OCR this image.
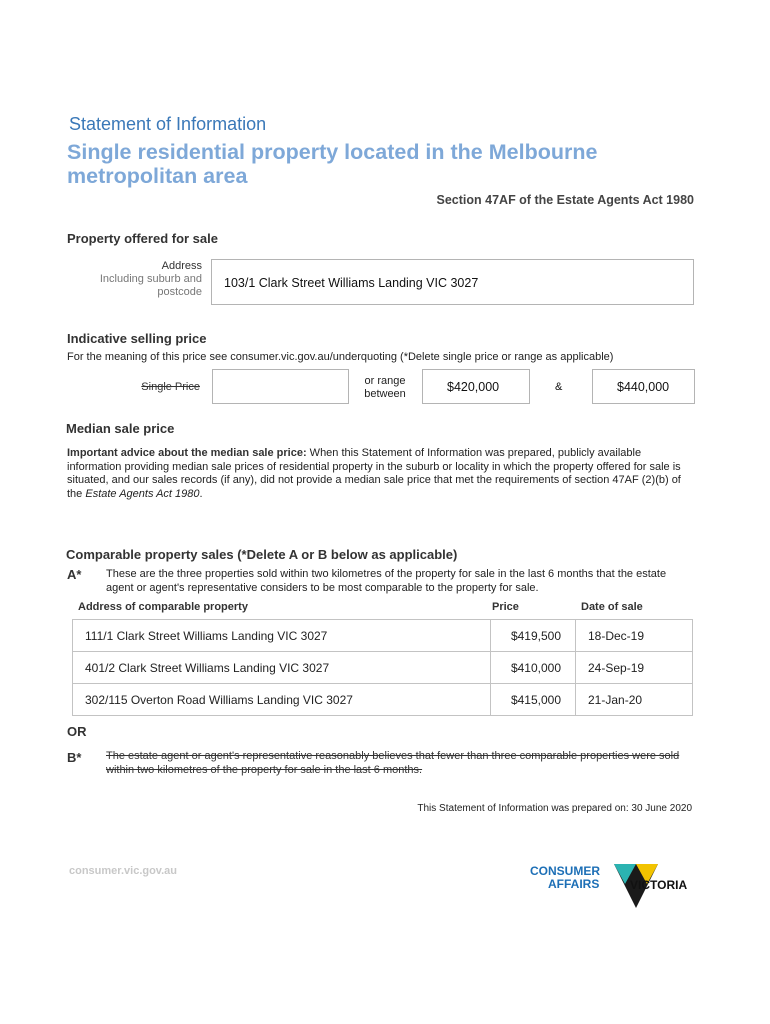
Statement of Information
Single residential property located in the Melbourne metropolitan area
Section 47AF of the Estate Agents Act 1980
Property offered for sale
Address
Including suburb and
postcode
103/1 Clark Street Williams Landing VIC 3027
Indicative selling price
For the meaning of this price see consumer.vic.gov.au/underquoting (*Delete single price or range as applicable)
Single Price	or range
between	$420,000	&	$440,000
Median sale price
Important advice about the median sale price: When this Statement of Information was prepared, publicly available information providing median sale prices of residential property in the suburb or locality in which the property offered for sale is situated, and our sales records (if any), did not provide a median sale price that met the requirements of section 47AF (2)(b) of the Estate Agents Act 1980.
Comparable property sales (*Delete A or B below as applicable)
A* These are the three properties sold within two kilometres of the property for sale in the last 6 months that the estate agent or agent's representative considers to be most comparable to the property for sale.
Address of comparable property	Price	Date of sale
111/1 Clark Street Williams Landing VIC 3027	$419,500	18-Dec-19
401/2 Clark Street Williams Landing VIC 3027	$410,000	24-Sep-19
302/115 Overton Road Williams Landing VIC 3027	$415,000	21-Jan-20
OR
B* The estate agent or agent's representative reasonably believes that fewer than three comparable properties were sold within two kilometres of the property for sale in the last 6 months.
This Statement of Information was prepared on: 30 June 2020
consumer.vic.gov.au	CONSUMER
AFFAIRS	VICTORIA
